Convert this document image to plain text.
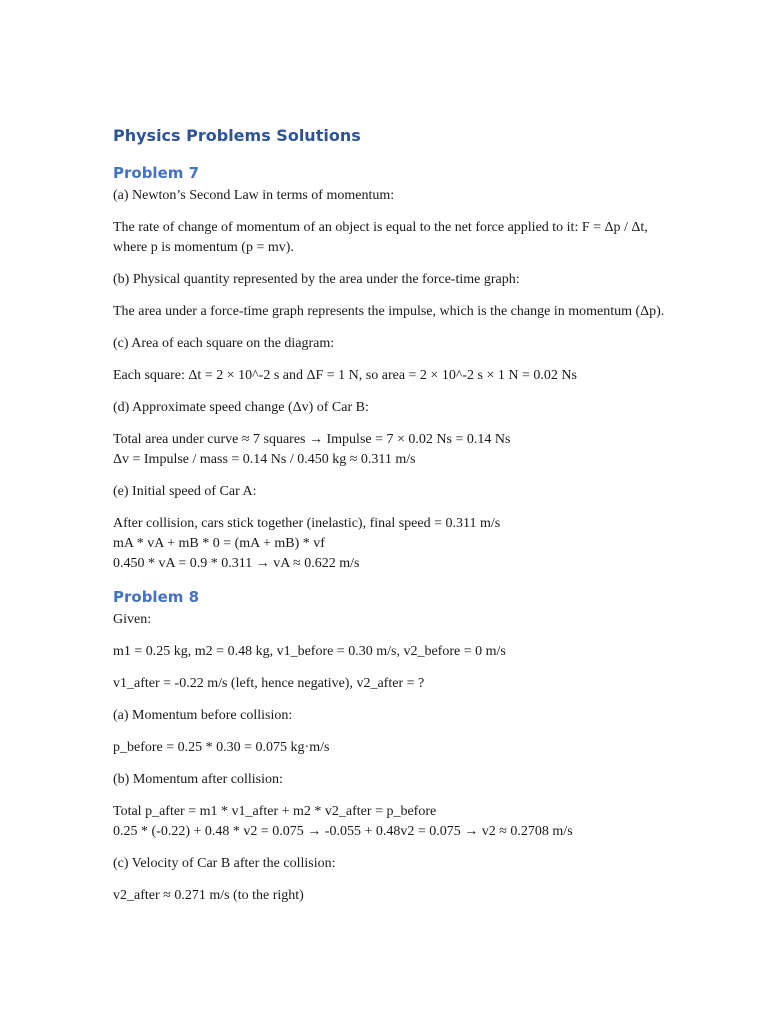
Physics Problems Solutions
Problem 7

(a) Newton’s Second Law in terms of momentum:

The rate of change of momentum of an object is equal to the net force applied to it: F = Δp / Δt, where p is momentum (p = mv).

(b) Physical quantity represented by the area under the force-time graph:

The area under a force-time graph represents the impulse, which is the change in momentum (Δp).

(c) Area of each square on the diagram:

Each square: Δt = 2 × 10^-2 s and ΔF = 1 N, so area = 2 × 10^-2 s × 1 N = 0.02 Ns

(d) Approximate speed change (Δv) of Car B:

Total area under curve ≈ 7 squares → Impulse = 7 × 0.02 Ns = 0.14 Ns
Δv = Impulse / mass = 0.14 Ns / 0.450 kg ≈ 0.311 m/s

(e) Initial speed of Car A:

After collision, cars stick together (inelastic), final speed = 0.311 m/s
mA * vA + mB * 0 = (mA + mB) * vf
0.450 * vA = 0.9 * 0.311 → vA ≈ 0.622 m/s

Problem 8

Given:

m1 = 0.25 kg, m2 = 0.48 kg, v1_before = 0.30 m/s, v2_before = 0 m/s

v1_after = -0.22 m/s (left, hence negative), v2_after = ?

(a) Momentum before collision:

p_before = 0.25 * 0.30 = 0.075 kg·m/s

(b) Momentum after collision:

Total p_after = m1 * v1_after + m2 * v2_after = p_before
0.25 * (-0.22) + 0.48 * v2 = 0.075 → -0.055 + 0.48v2 = 0.075 → v2 ≈ 0.2708 m/s

(c) Velocity of Car B after the collision:

v2_after ≈ 0.271 m/s (to the right)
